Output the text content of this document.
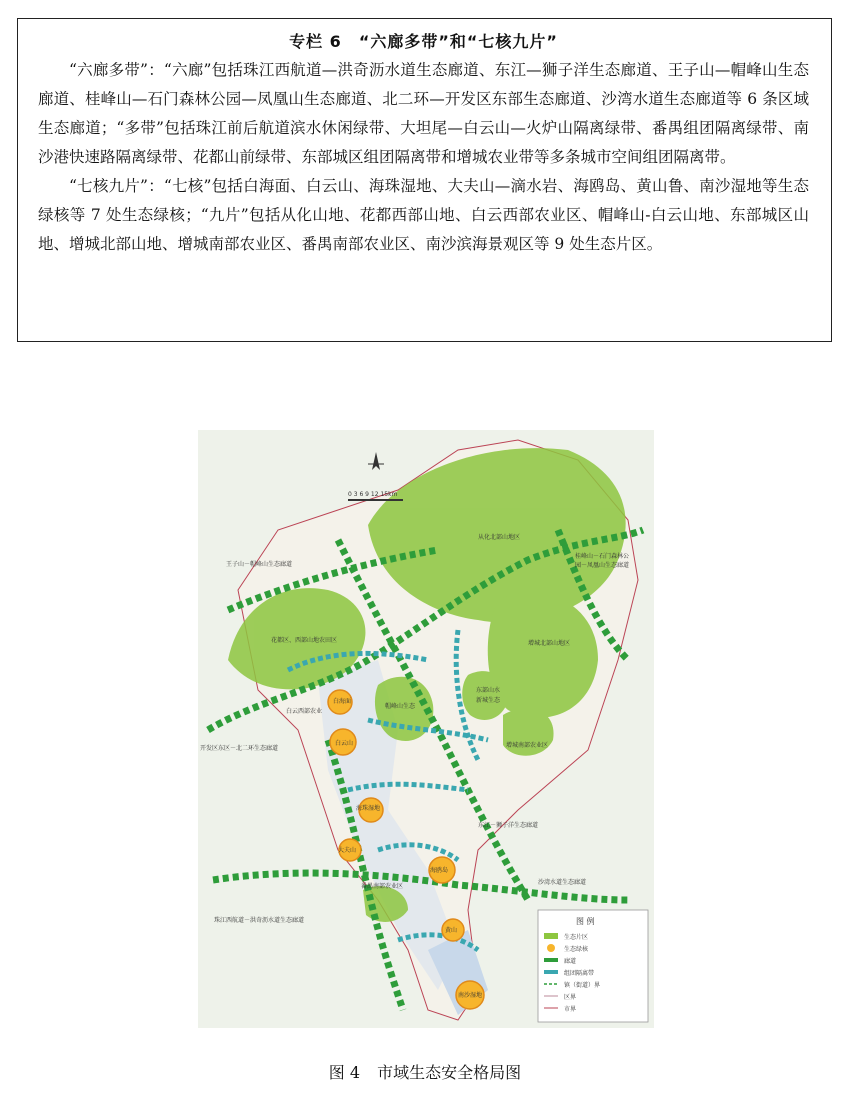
专栏 6　“六廊多带”和“七核九片”

“六廊多带”：“六廊”包括珠江西航道—洪奇沥水道生态廊道、东江—狮子洋生态廊道、王子山—帽峰山生态廊道、桂峰山—石门森林公园—凤凰山生态廊道、北二环—开发区东部生态廊道、沙湾水道生态廊道等 6 条区域生态廊道；“多带”包括珠江前后航道滨水休闲绿带、大坦尾—白云山—火炉山隔离绿带、番禺组团隔离绿带、南沙港快速路隔离绿带、花都山前绿带、东部城区组团隔离带和增城农业带等多条城市空间组团隔离带。

“七核九片”：“七核”包括白海面、白云山、海珠湿地、大夫山—滴水岩、海鸥岛、黄山鲁、南沙湿地等生态绿核等 7 处生态绿核；“九片”包括从化山地、花都西部山地、白云西部农业区、帽峰山-白云山地、东部城区山地、增城北部山地、增城南部农业区、番禺南部农业区、南沙滨海景观区等 9 处生态片区。

0 3 6 9 12 15km
从化北部山地区
桂峰山－石门森林公
园－凤凰山生态廊道
王子山－帽峰山生态廊道
花都区、西部山地农田区	增城北部山地区
白海面
白云西部农业
帽峰山生态
东部山水
新城生态
增城南部农业区
白云山
开发区东区－北二环生态廊道
海珠湿地
东江－狮子洋生态廊道
大夫山
海鸥岛
沙湾水道生态廊道
番禺南部农业区
珠江西航道－洪奇沥水道生态廊道
黄山
南沙湿地
图 例
生态片区
生态绿核
廊道
组团隔离带
镇（街道）界
区界
市界
图 4 市域生态安全格局图
